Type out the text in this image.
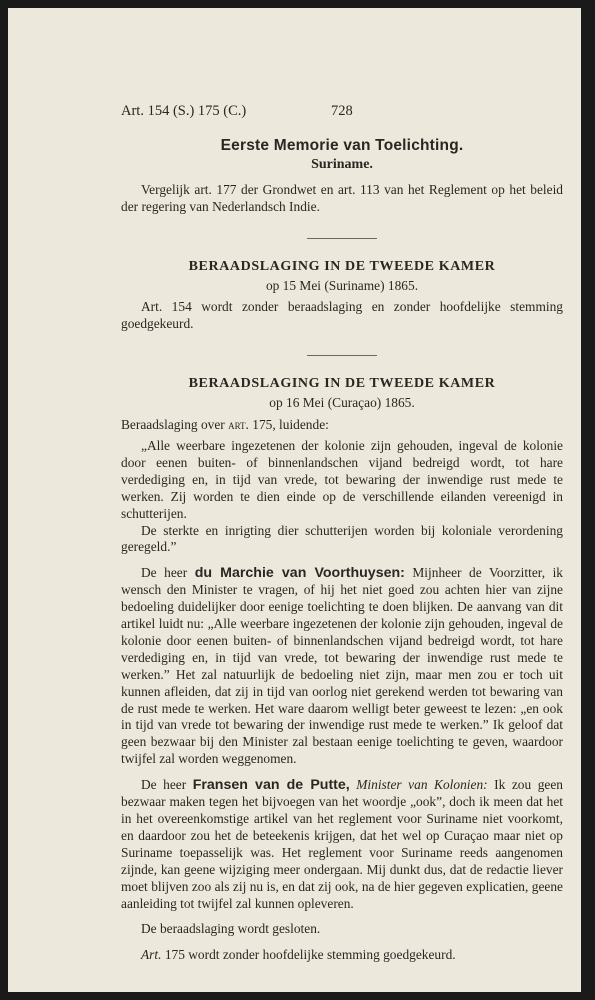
Art. 154 (S.) 175 (C.)	728
Eerste Memorie van Toelichting.
Suriname.

Vergelijk art. 177 der Grondwet en art. 113 van het Reglement op het beleid der regering van Nederlandsch Indie.

BERAADSLAGING IN DE TWEEDE KAMER
op 15 Mei (Suriname) 1865.

Art. 154 wordt zonder beraadslaging en zonder hoofdelijke stemming goedgekeurd.

BERAADSLAGING IN DE TWEEDE KAMER
op 16 Mei (Curaçao) 1865.

Beraadslaging over art. 175, luidende:

„Alle weerbare ingezetenen der kolonie zijn gehouden, ingeval de kolonie door eenen buiten- of binnenlandschen vijand bedreigd wordt, tot hare verdediging en, in tijd van vrede, tot bewaring der inwendige rust mede te werken. Zij worden te dien einde op de verschillende eilanden vereenigd in schutterijen.

De sterkte en inrigting dier schutterijen worden bij koloniale verordening geregeld.”

De heer du Marchie van Voorthuysen: Mijnheer de Voorzitter, ik wensch den Minister te vragen, of hij het niet goed zou achten hier van zijne bedoeling duidelijker door eenige toelichting te doen blijken. De aanvang van dit artikel luidt nu: „Alle weerbare ingezetenen der kolonie zijn gehouden, ingeval de kolonie door eenen buiten- of binnenlandschen vijand bedreigd wordt, tot hare verdediging en, in tijd van vrede, tot bewaring der inwendige rust mede te werken.” Het zal natuurlijk de bedoeling niet zijn, maar men zou er toch uit kunnen afleiden, dat zij in tijd van oorlog niet gerekend werden tot bewaring van de rust mede te werken. Het ware daarom welligt beter geweest te lezen: „en ook in tijd van vrede tot bewaring der inwendige rust mede te werken.” Ik geloof dat geen bezwaar bij den Minister zal bestaan eenige toelichting te geven, waardoor twijfel zal worden weggenomen.

De heer Fransen van de Putte, Minister van Kolonien: Ik zou geen bezwaar maken tegen het bijvoegen van het woordje „ook”, doch ik meen dat het in het overeenkomstige artikel van het reglement voor Suriname niet voorkomt, en daardoor zou het de beteekenis krijgen, dat het wel op Curaçao maar niet op Suriname toepasselijk was. Het reglement voor Suriname reeds aangenomen zijnde, kan geene wijziging meer ondergaan. Mij dunkt dus, dat de redactie liever moet blijven zoo als zij nu is, en dat zij ook, na de hier gegeven explicatien, geene aanleiding tot twijfel zal kunnen opleveren.

De beraadslaging wordt gesloten.

Art. 175 wordt zonder hoofdelijke stemming goedgekeurd.
